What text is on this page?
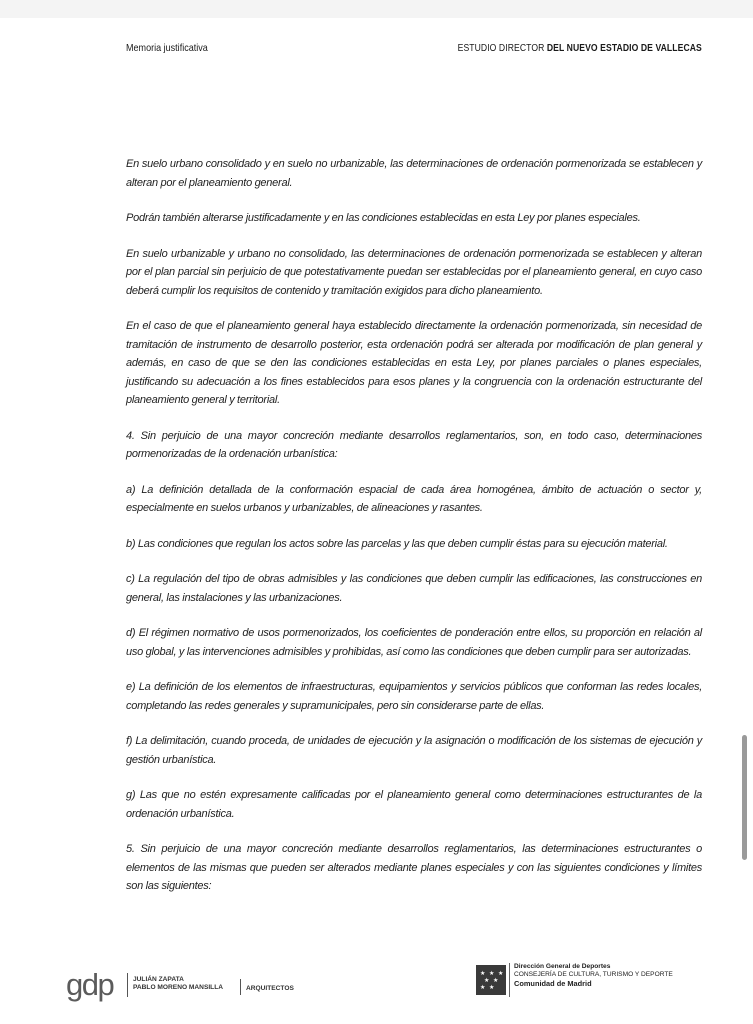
Memoria justificativa	ESTUDIO DIRECTOR DEL NUEVO ESTADIO DE VALLECAS

En suelo urbano consolidado y en suelo no urbanizable, las determinaciones de ordenación pormenorizada se establecen y alteran por el planeamiento general.

Podrán también alterarse justificadamente y en las condiciones establecidas en esta Ley por planes especiales.

En suelo urbanizable y urbano no consolidado, las determinaciones de ordenación pormenorizada se establecen y alteran por el plan parcial sin perjuicio de que potestativamente puedan ser establecidas por el planeamiento general, en cuyo caso deberá cumplir los requisitos de contenido y tramitación exigidos para dicho planeamiento.

En el caso de que el planeamiento general haya establecido directamente la ordenación pormenorizada, sin necesidad de tramitación de instrumento de desarrollo posterior, esta ordenación podrá ser alterada por modificación de plan general y además, en caso de que se den las condiciones establecidas en esta Ley, por planes parciales o planes especiales, justificando su adecuación a los fines establecidos para esos planes y la congruencia con la ordenación estructurante del planeamiento general y territorial.

4. Sin perjuicio de una mayor concreción mediante desarrollos reglamentarios, son, en todo caso, determinaciones pormenorizadas de la ordenación urbanística:

a) La definición detallada de la conformación espacial de cada área homogénea, ámbito de actuación o sector y, especialmente en suelos urbanos y urbanizables, de alineaciones y rasantes.

b) Las condiciones que regulan los actos sobre las parcelas y las que deben cumplir éstas para su ejecución material.

c) La regulación del tipo de obras admisibles y las condiciones que deben cumplir las edificaciones, las construcciones en general, las instalaciones y las urbanizaciones.

d) El régimen normativo de usos pormenorizados, los coeficientes de ponderación entre ellos, su proporción en relación al uso global, y las intervenciones admisibles y prohibidas, así como las condiciones que deben cumplir para ser autorizadas.

e) La definición de los elementos de infraestructuras, equipamientos y servicios públicos que conforman las redes locales, completando las redes generales y supramunicipales, pero sin considerarse parte de ellas.

f) La delimitación, cuando proceda, de unidades de ejecución y la asignación o modificación de los sistemas de ejecución y gestión urbanística.

g) Las que no estén expresamente calificadas por el planeamiento general como determinaciones estructurantes de la ordenación urbanística.

5. Sin perjuicio de una mayor concreción mediante desarrollos reglamentarios, las determinaciones estructurantes o elementos de las mismas que pueden ser alterados mediante planes especiales y con las siguientes condiciones y límites son las siguientes:

gdp	JULIÁN ZAPATA
PABLO MORENO MANSILLA	ARQUITECTOS
★ ★ ★
★ ★
★ ★
Dirección General de Deportes
CONSEJERÍA DE CULTURA, TURISMO Y DEPORTE
Comunidad de Madrid
